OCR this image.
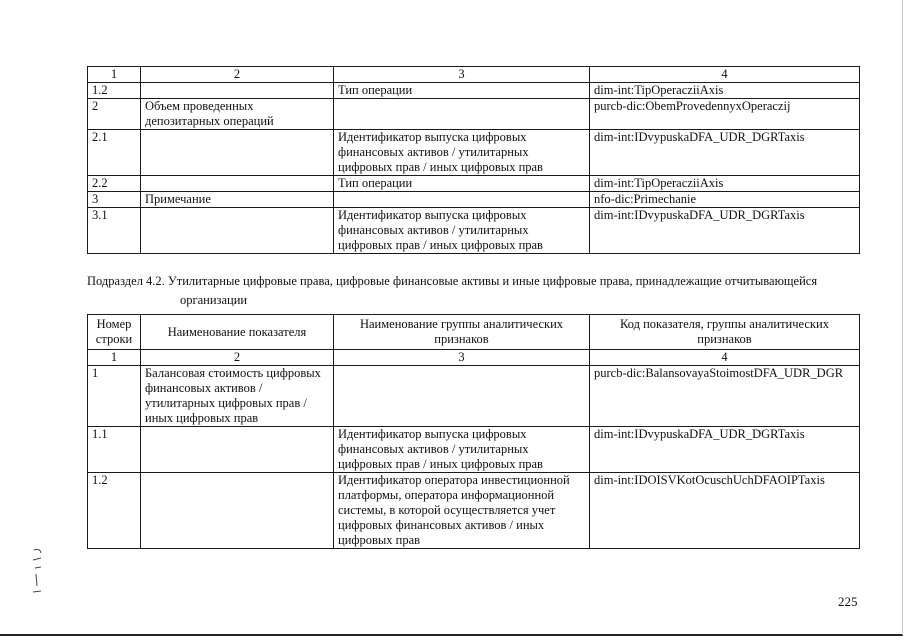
1	2	3	4
1.2		Тип операции	dim-int:TipOperacziiAxis
2	Объем проведенных депозитарных операций		purcb-dic:ObemProvedennyxOperaczij
2.1		Идентификатор выпуска цифровых финансовых активов / утилитарных цифровых прав / иных цифровых прав	dim-int:IDvypuskaDFA_UDR_DGRTaxis
2.2		Тип операции	dim-int:TipOperacziiAxis
3	Примечание		nfo-dic:Primechanie
3.1		Идентификатор выпуска цифровых финансовых активов / утилитарных цифровых прав / иных цифровых прав	dim-int:IDvypuskaDFA_UDR_DGRTaxis
Подраздел 4.2. Утилитарные цифровые права, цифровые финансовые активы и иные цифровые права, принадлежащие отчитывающейся
организации
Номер строки	Наименование показателя	Наименование группы аналитических признаков	Код показателя, группы аналитических признаков
1	2	3	4
1	Балансовая стоимость цифровых финансовых активов / утилитарных цифровых прав / иных цифровых прав		purcb-dic:BalansovayaStoimostDFA_UDR_DGR
1.1		Идентификатор выпуска цифровых финансовых активов / утилитарных цифровых прав / иных цифровых прав	dim-int:IDvypuskaDFA_UDR_DGRTaxis
1.2		Идентификатор оператора инвестиционной платформы, оператора информационной системы, в которой осуществляется учет цифровых финансовых активов / иных цифровых прав	dim-int:IDOISVKotOcuschUchDFAOIPTaxis
225
